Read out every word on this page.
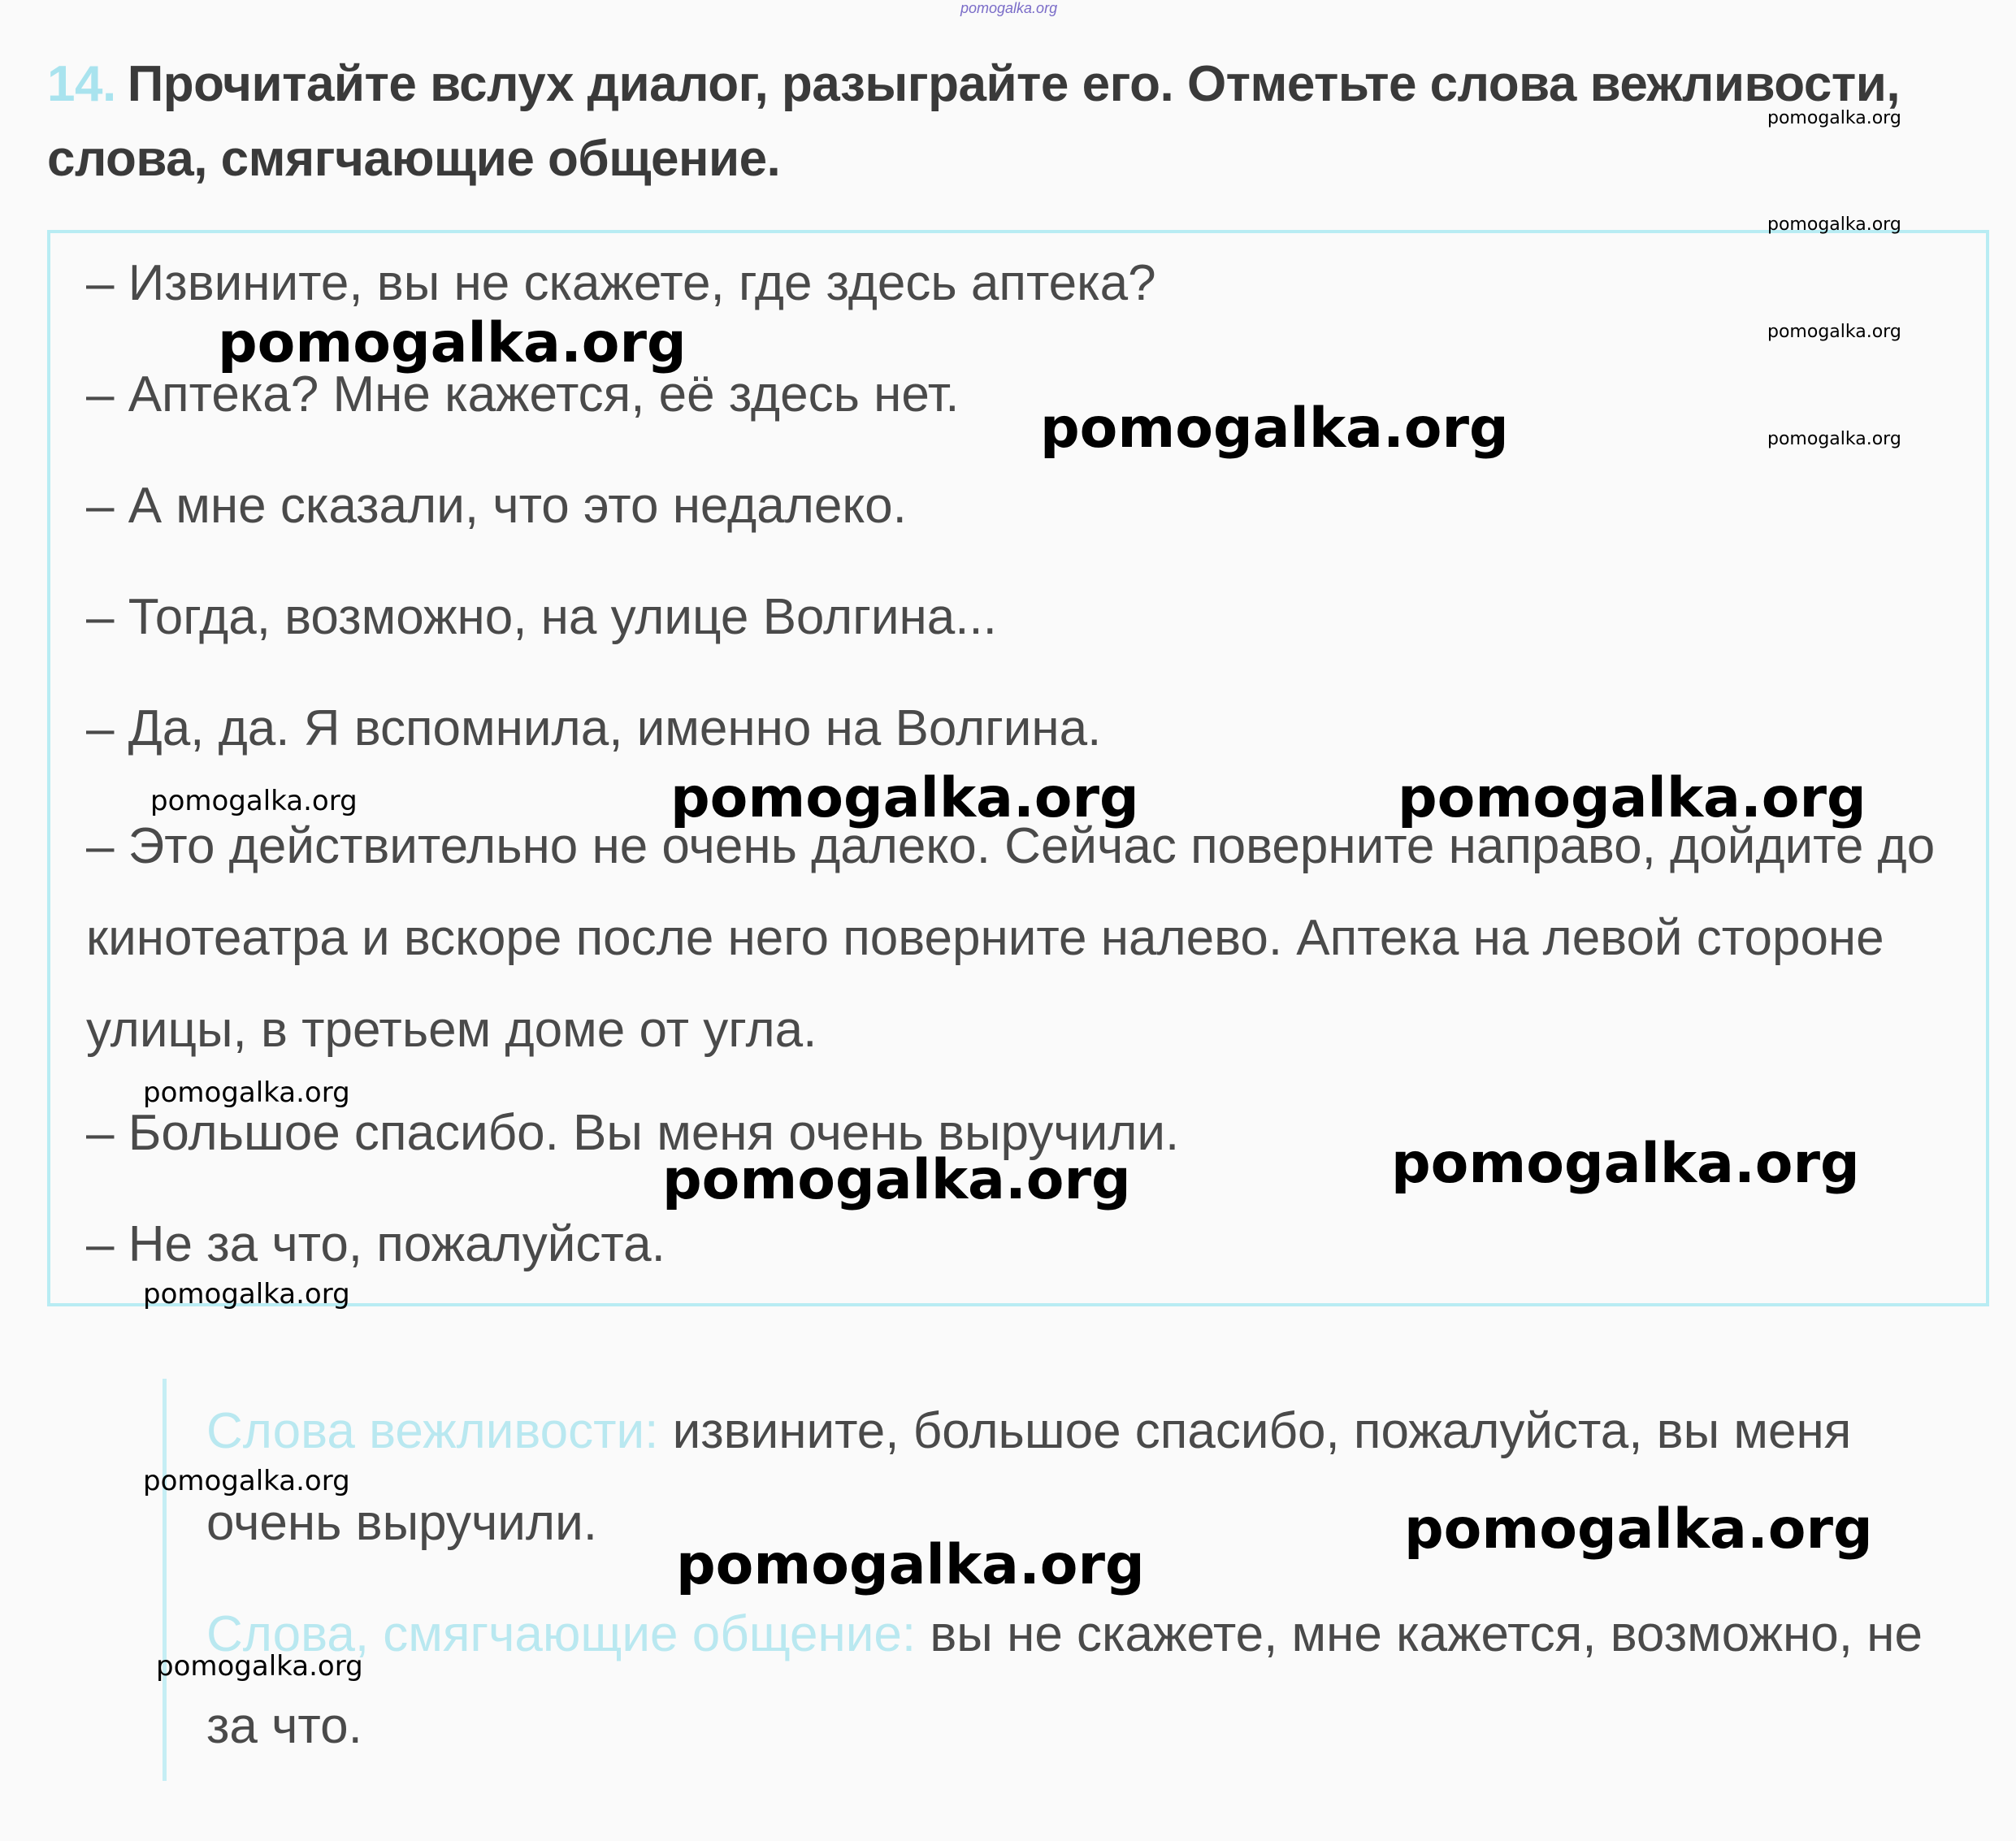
pomogalka.org
14. Прочитайте вслух диалог, разыграйте его. Отметьте слова вежливости, слова, смягчающие общение.
– Извините, вы не скажете, где здесь аптека?
– Аптека? Мне кажется, её здесь нет.
– А мне сказали, что это недалеко.
– Тогда, возможно, на улице Волгина...
– Да, да. Я вспомнила, именно на Волгина.
– Это действительно не очень далеко. Сейчас поверните направо, дойдите до кинотеатра и вскоре после него поверните налево. Аптека на левой стороне улицы, в третьем доме от угла.
– Большое спасибо. Вы меня очень выручили.
– Не за что, пожалуйста.
Слова вежливости: извините, большое спасибо, пожалуйста, вы меня очень выручили.
Слова, смягчающие общение: вы не скажете, мне кажется, возможно, не за что.
pomogalka.org
pomogalka.org
pomogalka.org
pomogalka.org
pomogalka.org
pomogalka.org
pomogalka.org	pomogalka.org
pomogalka.org	pomogalka.org
pomogalka.org
pomogalka.org
pomogalka.org
pomogalka.org
pomogalka.org
pomogalka.org
pomogalka.org
